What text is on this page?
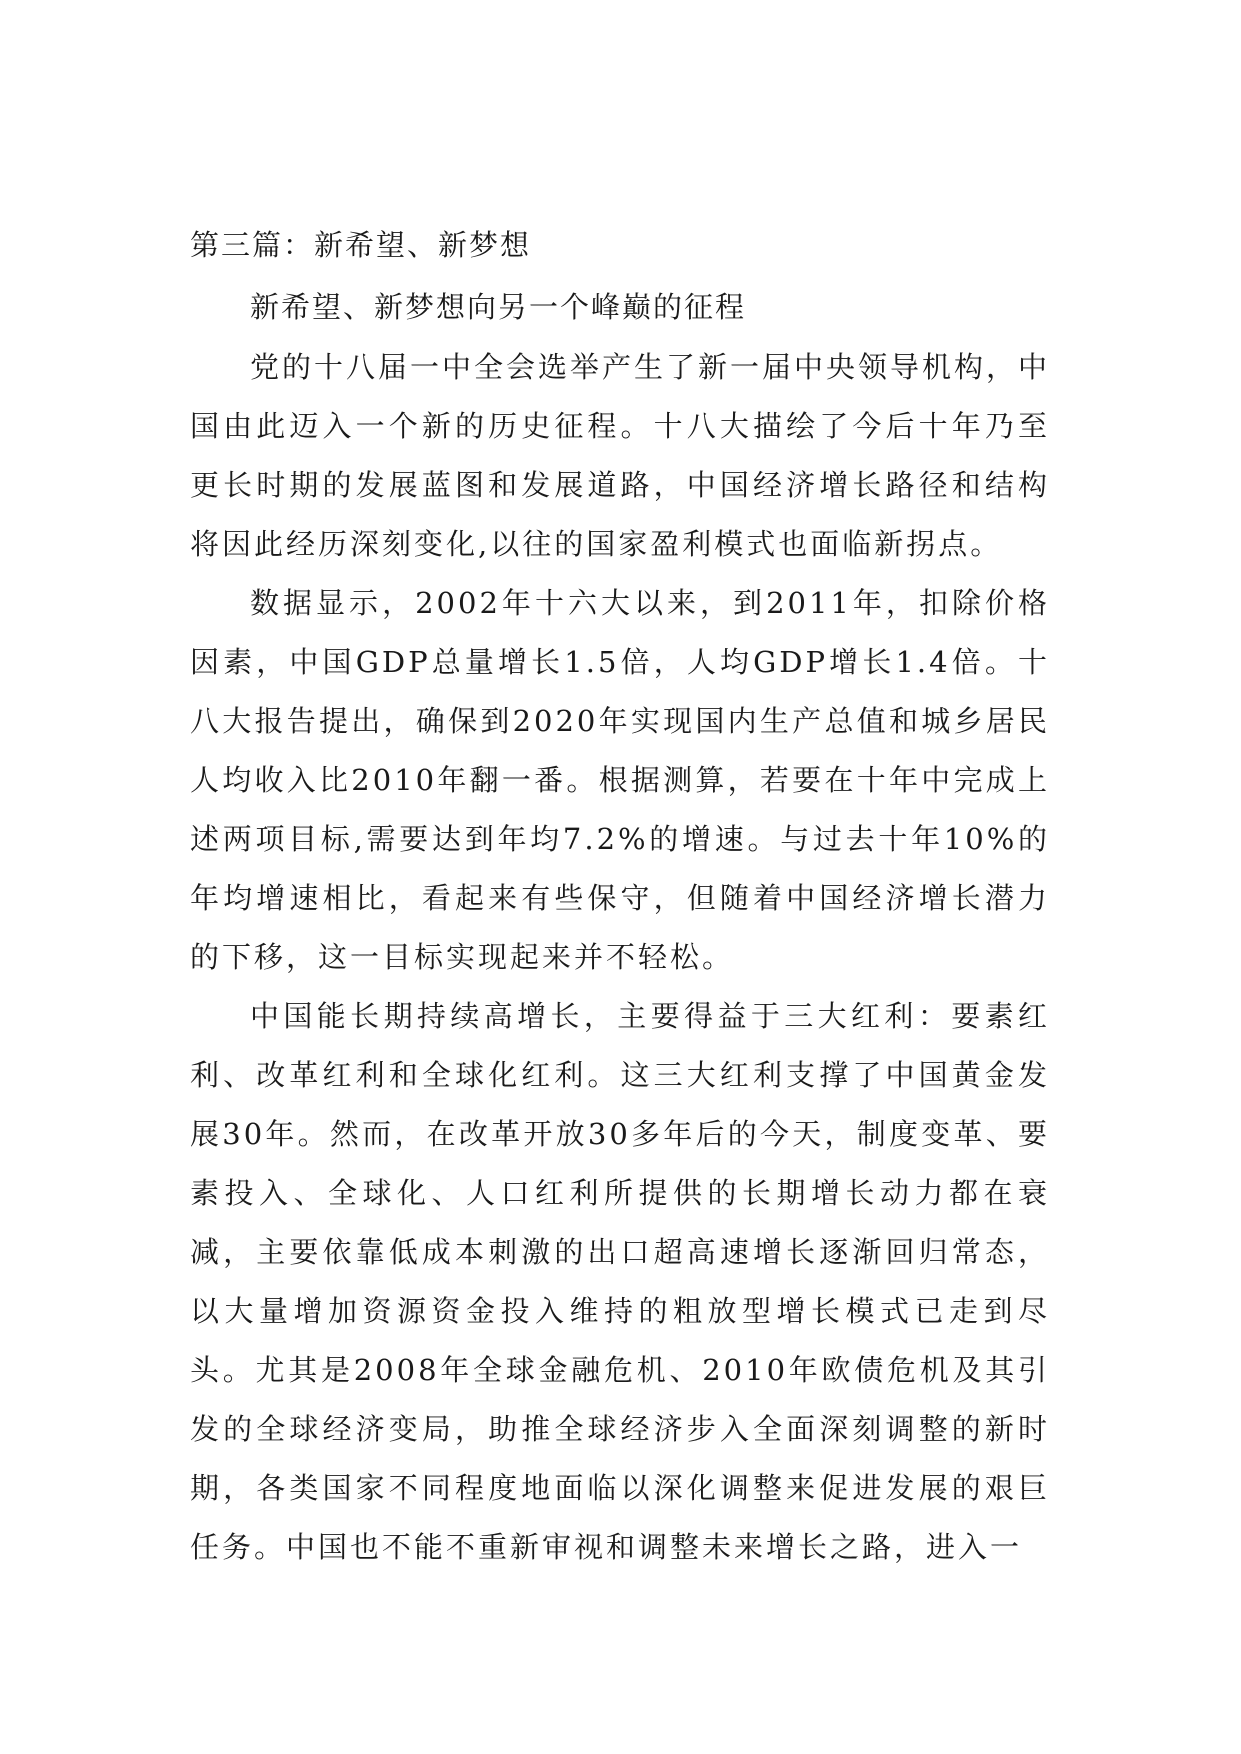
第三篇：新希望、新梦想
新希望、新梦想向另一个峰巅的征程

党的十八届一中全会选举产生了新一届中央领导机构，中国由此迈入一个新的历史征程。十八大描绘了今后十年乃至更长时期的发展蓝图和发展道路，中国经济增长路径和结构将因此经历深刻变化,以往的国家盈利模式也面临新拐点。

数据显示，2002年十六大以来，到2011年，扣除价格因素，中国GDP总量增长1.5倍，人均GDP增长1.4倍。十八大报告提出，确保到2020年实现国内生产总值和城乡居民人均收入比2010年翻一番。根据测算，若要在十年中完成上述两项目标,需要达到年均7.2%的增速。与过去十年10%的年均增速相比，看起来有些保守，但随着中国经济增长潜力的下移，这一目标实现起来并不轻松。

中国能长期持续高增长，主要得益于三大红利：要素红利、改革红利和全球化红利。这三大红利支撑了中国黄金发展30年。然而，在改革开放30多年后的今天，制度变革、要素投入、全球化、人口红利所提供的长期增长动力都在衰减，主要依靠低成本刺激的出口超高速增长逐渐回归常态，以大量增加资源资金投入维持的粗放型增长模式已走到尽头。尤其是2008年全球金融危机、2010年欧债危机及其引发的全球经济变局，助推全球经济步入全面深刻调整的新时期，各类国家不同程度地面临以深化调整来促进发展的艰巨任务。中国也不能不重新审视和调整未来增长之路，进入一
